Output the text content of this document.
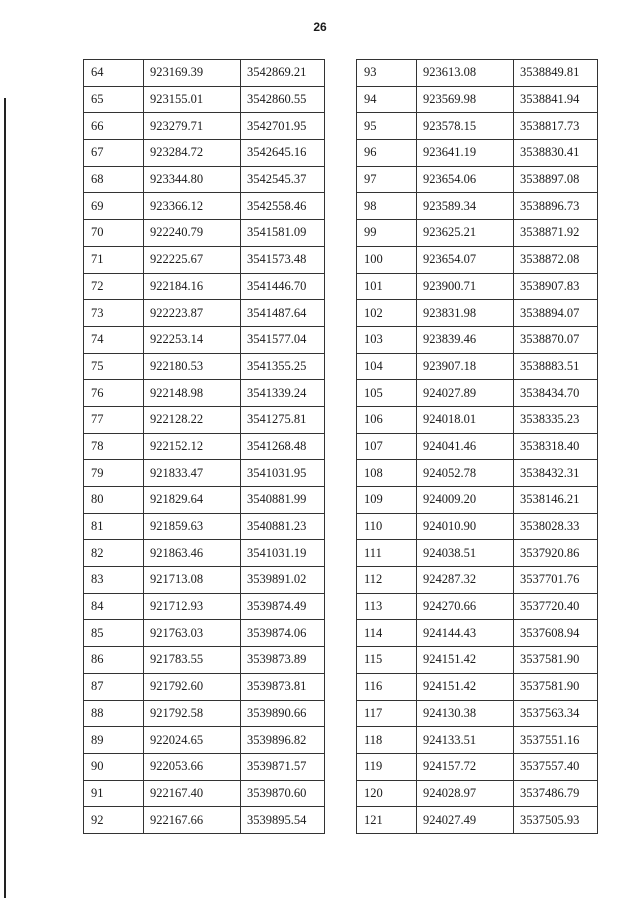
26
64	923169.39	3542869.21
65	923155.01	3542860.55
66	923279.71	3542701.95
67	923284.72	3542645.16
68	923344.80	3542545.37
69	923366.12	3542558.46
70	922240.79	3541581.09
71	922225.67	3541573.48
72	922184.16	3541446.70
73	922223.87	3541487.64
74	922253.14	3541577.04
75	922180.53	3541355.25
76	922148.98	3541339.24
77	922128.22	3541275.81
78	922152.12	3541268.48
79	921833.47	3541031.95
80	921829.64	3540881.99
81	921859.63	3540881.23
82	921863.46	3541031.19
83	921713.08	3539891.02
84	921712.93	3539874.49
85	921763.03	3539874.06
86	921783.55	3539873.89
87	921792.60	3539873.81
88	921792.58	3539890.66
89	922024.65	3539896.82
90	922053.66	3539871.57
91	922167.40	3539870.60
92	922167.66	3539895.54
93	923613.08	3538849.81
94	923569.98	3538841.94
95	923578.15	3538817.73
96	923641.19	3538830.41
97	923654.06	3538897.08
98	923589.34	3538896.73
99	923625.21	3538871.92
100	923654.07	3538872.08
101	923900.71	3538907.83
102	923831.98	3538894.07
103	923839.46	3538870.07
104	923907.18	3538883.51
105	924027.89	3538434.70
106	924018.01	3538335.23
107	924041.46	3538318.40
108	924052.78	3538432.31
109	924009.20	3538146.21
110	924010.90	3538028.33
111	924038.51	3537920.86
112	924287.32	3537701.76
113	924270.66	3537720.40
114	924144.43	3537608.94
115	924151.42	3537581.90
116	924151.42	3537581.90
117	924130.38	3537563.34
118	924133.51	3537551.16
119	924157.72	3537557.40
120	924028.97	3537486.79
121	924027.49	3537505.93
